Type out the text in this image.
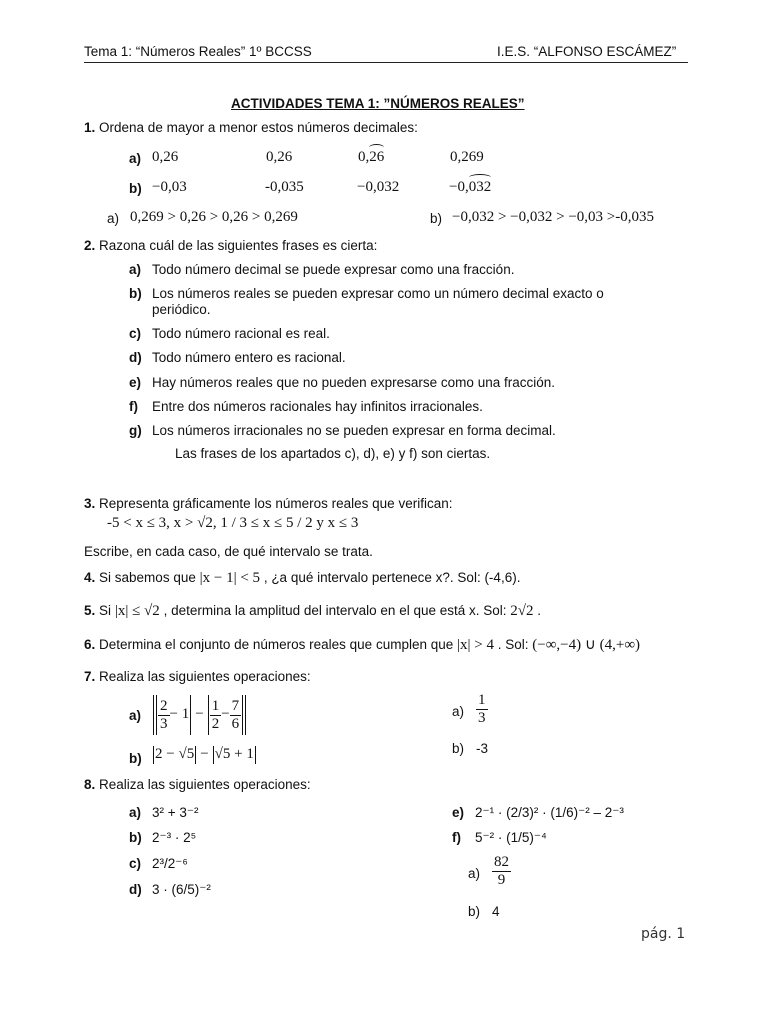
Tema 1: “Números Reales” 1º BCCSS	I.E.S. “ALFONSO ESCÁMEZ”
ACTIVIDADES TEMA 1: ”NÚMEROS REALES”
1. Ordena de mayor a menor estos números decimales:
a) 0,26	0,26	0,26	0,269
b) −0,03	-0,035	−0,032	−0,032
a) 0,269 > 0,26 > 0,26 > 0,269	b) −0,032 > −0,032 > −0,03 >-0,035
2. Razona cuál de las siguientes frases es cierta:
a) Todo número decimal se puede expresar como una fracción.
b) Los números reales se pueden expresar como un número decimal exacto o
periódico.
c) Todo número racional es real.
d) Todo número entero es racional.
e) Hay números reales que no pueden expresarse como una fracción.
f) Entre dos números racionales hay infinitos irracionales.
g) Los números irracionales no se pueden expresar en forma decimal.
Las frases de los apartados c), d), e) y f) son ciertas.
3. Representa gráficamente los números reales que verifican:
-5 < x ≤ 3, x > √2, 1 / 3 ≤ x ≤ 5 / 2 y x ≤ 3
Escribe, en cada caso, de qué intervalo se trata.
4. Si sabemos que |x − 1| < 5 , ¿a qué intervalo pertenece x?. Sol: (-4,6).
5. Si |x| ≤ √2 , determina la amplitud del intervalo en el que está x. Sol: 2√2 .
6. Determina el conjunto de números reales que cumplen que |x| > 4 . Sol: (−∞,−4) ∪ (4,+∞)
7. Realiza las siguientes operaciones:
$a) \frac{2}{3} - 1 - \frac{1}{2} - \frac{7}{6}$
b) 2 − √5 − √5 + 1
$a) \frac{1}{3}$
b) -3
8. Realiza las siguientes operaciones:
a) 3² + 3⁻²
b) 2⁻³ · 2⁵
c) 2³/2⁻⁶
d) 3 · (6/5)⁻²
e) 2⁻¹ · (2/3)² · (1/6)⁻² – 2⁻³
f) 5⁻² · (1/5)⁻⁴
$a) \frac{82}{9}$
b) 4
pág. 1
